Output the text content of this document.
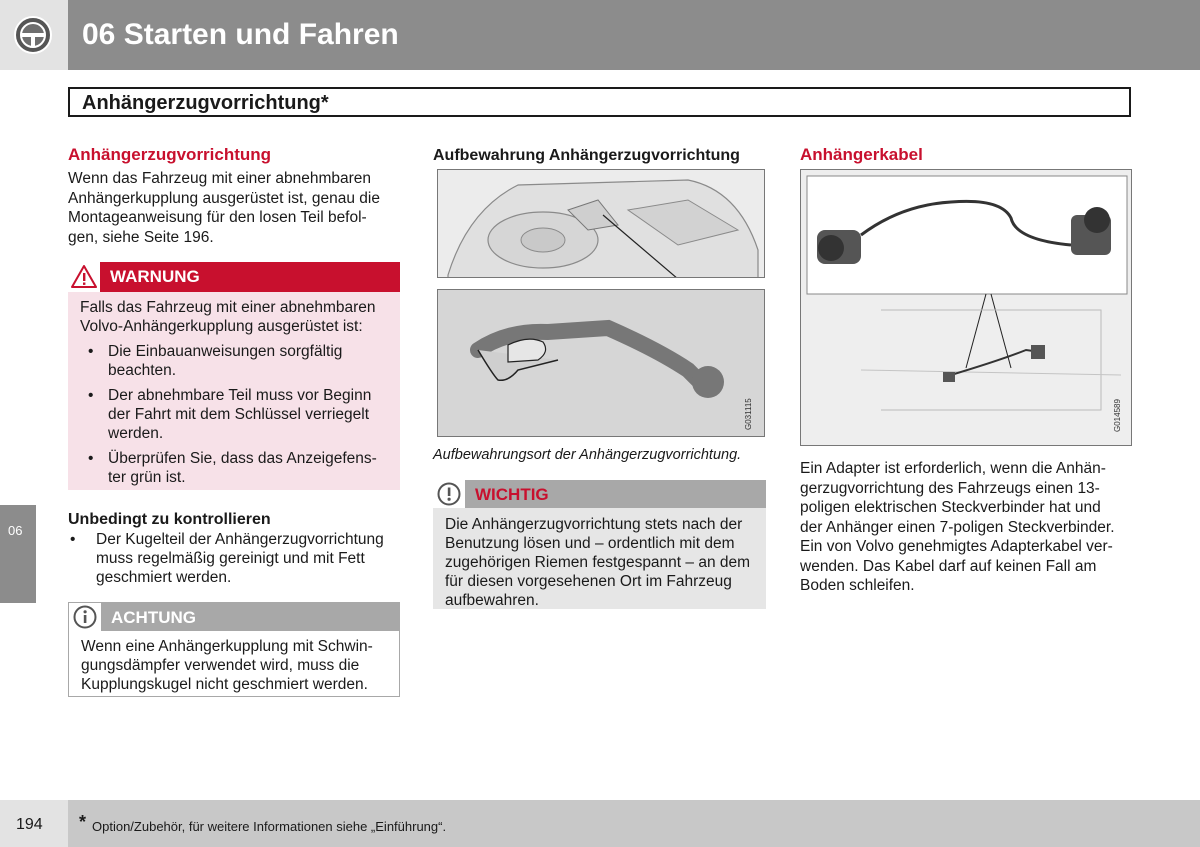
06 Starten und Fahren
Anhängerzugvorrichtung*
06
Anhängerzugvorrichtung
Wenn das Fahrzeug mit einer abnehmbaren
Anhängerkupplung ausgerüstet ist, genau die
Montageanweisung für den losen Teil befol-
gen, siehe Seite 196.
WARNUNG
Falls das Fahrzeug mit einer abnehmbaren
Volvo-Anhängerkupplung ausgerüstet ist:
• Die Einbauanweisungen sorgfältig
beachten.
• Der abnehmbare Teil muss vor Beginn
der Fahrt mit dem Schlüssel verriegelt
werden.
• Überprüfen Sie, dass das Anzeigefens-
ter grün ist.
Unbedingt zu kontrollieren
• Der Kugelteil der Anhängerzugvorrichtung
muss regelmäßig gereinigt und mit Fett
geschmiert werden.
ACHTUNG
Wenn eine Anhängerkupplung mit Schwin-
gungsdämpfer verwendet wird, muss die
Kupplungskugel nicht geschmiert werden.
Aufbewahrung Anhängerzugvorrichtung
G031115
Aufbewahrungsort der Anhängerzugvorrichtung.
WICHTIG
Die Anhängerzugvorrichtung stets nach der
Benutzung lösen und – ordentlich mit dem
zugehörigen Riemen festgespannt – an dem
für diesen vorgesehenen Ort im Fahrzeug
aufbewahren.
Anhängerkabel
G014589
Ein Adapter ist erforderlich, wenn die Anhän-
gerzugvorrichtung des Fahrzeugs einen 13-
poligen elektrischen Steckverbinder hat und
der Anhänger einen 7-poligen Steckverbinder.
Ein von Volvo genehmigtes Adapterkabel ver-
wenden. Das Kabel darf auf keinen Fall am
Boden schleifen.
194 * Option/Zubehör, für weitere Informationen siehe „Einführung“.
